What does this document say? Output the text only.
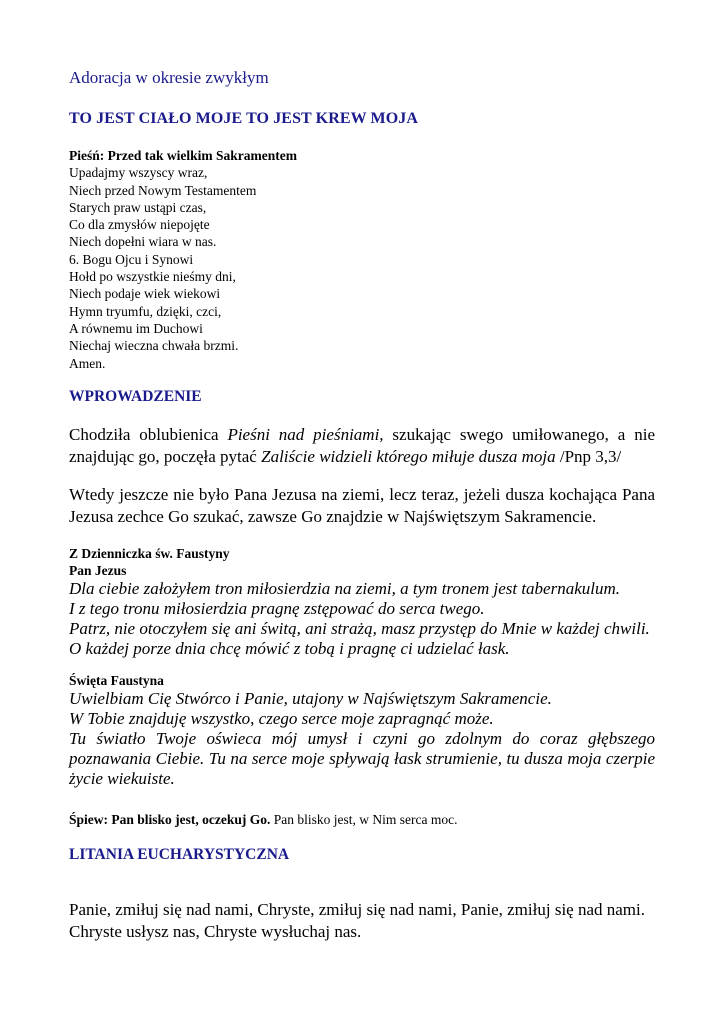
Adoracja w okresie zwykłym
TO JEST CIAŁO MOJE TO JEST KREW MOJA
Pieśń: Przed tak wielkim Sakramentem
Upadajmy wszyscy wraz,
Niech przed Nowym Testamentem
Starych praw ustąpi czas,
Co dla zmysłów niepojęte
Niech dopełni wiara w nas.
6. Bogu Ojcu i Synowi
Hołd po wszystkie nieśmy dni,
Niech podaje wiek wiekowi
Hymn tryumfu, dzięki, czci,
A równemu im Duchowi
Niechaj wieczna chwała brzmi.
Amen.
WPROWADZENIE
Chodziła oblubienica Pieśni nad pieśniami, szukając swego umiłowanego, a nie znajdując go, poczęła pytać Zaliście widzieli którego miłuje dusza moja /Pnp 3,3/
Wtedy jeszcze nie było Pana Jezusa na ziemi, lecz teraz, jeżeli dusza kochająca Pana Jezusa zechce Go szukać, zawsze Go znajdzie w Najświętszym Sakramencie.
Z Dzienniczka św. Faustyny
Pan Jezus
Dla ciebie założyłem tron miłosierdzia na ziemi, a tym tronem jest tabernakulum.
I z tego tronu miłosierdzia pragnę zstępować do serca twego.
Patrz, nie otoczyłem się ani świtą, ani strażą, masz przystęp do Mnie w każdej chwili.
O każdej porze dnia chcę mówić z tobą i pragnę ci udzielać łask.
Święta Faustyna
Uwielbiam Cię Stwórco i Panie, utajony w Najświętszym Sakramencie.
W Tobie znajduję wszystko, czego serce moje zapragnąć może.
Tu światło Twoje oświeca mój umysł i czyni go zdolnym do coraz głębszego poznawania Ciebie. Tu na serce moje spływają łask strumienie, tu dusza moja czerpie życie wiekuiste.
Śpiew: Pan blisko jest, oczekuj Go. Pan blisko jest, w Nim serca moc.
LITANIA EUCHARYSTYCZNA
Panie, zmiłuj się nad nami, Chryste, zmiłuj się nad nami, Panie, zmiłuj się nad nami. Chryste usłysz nas, Chryste wysłuchaj nas.
